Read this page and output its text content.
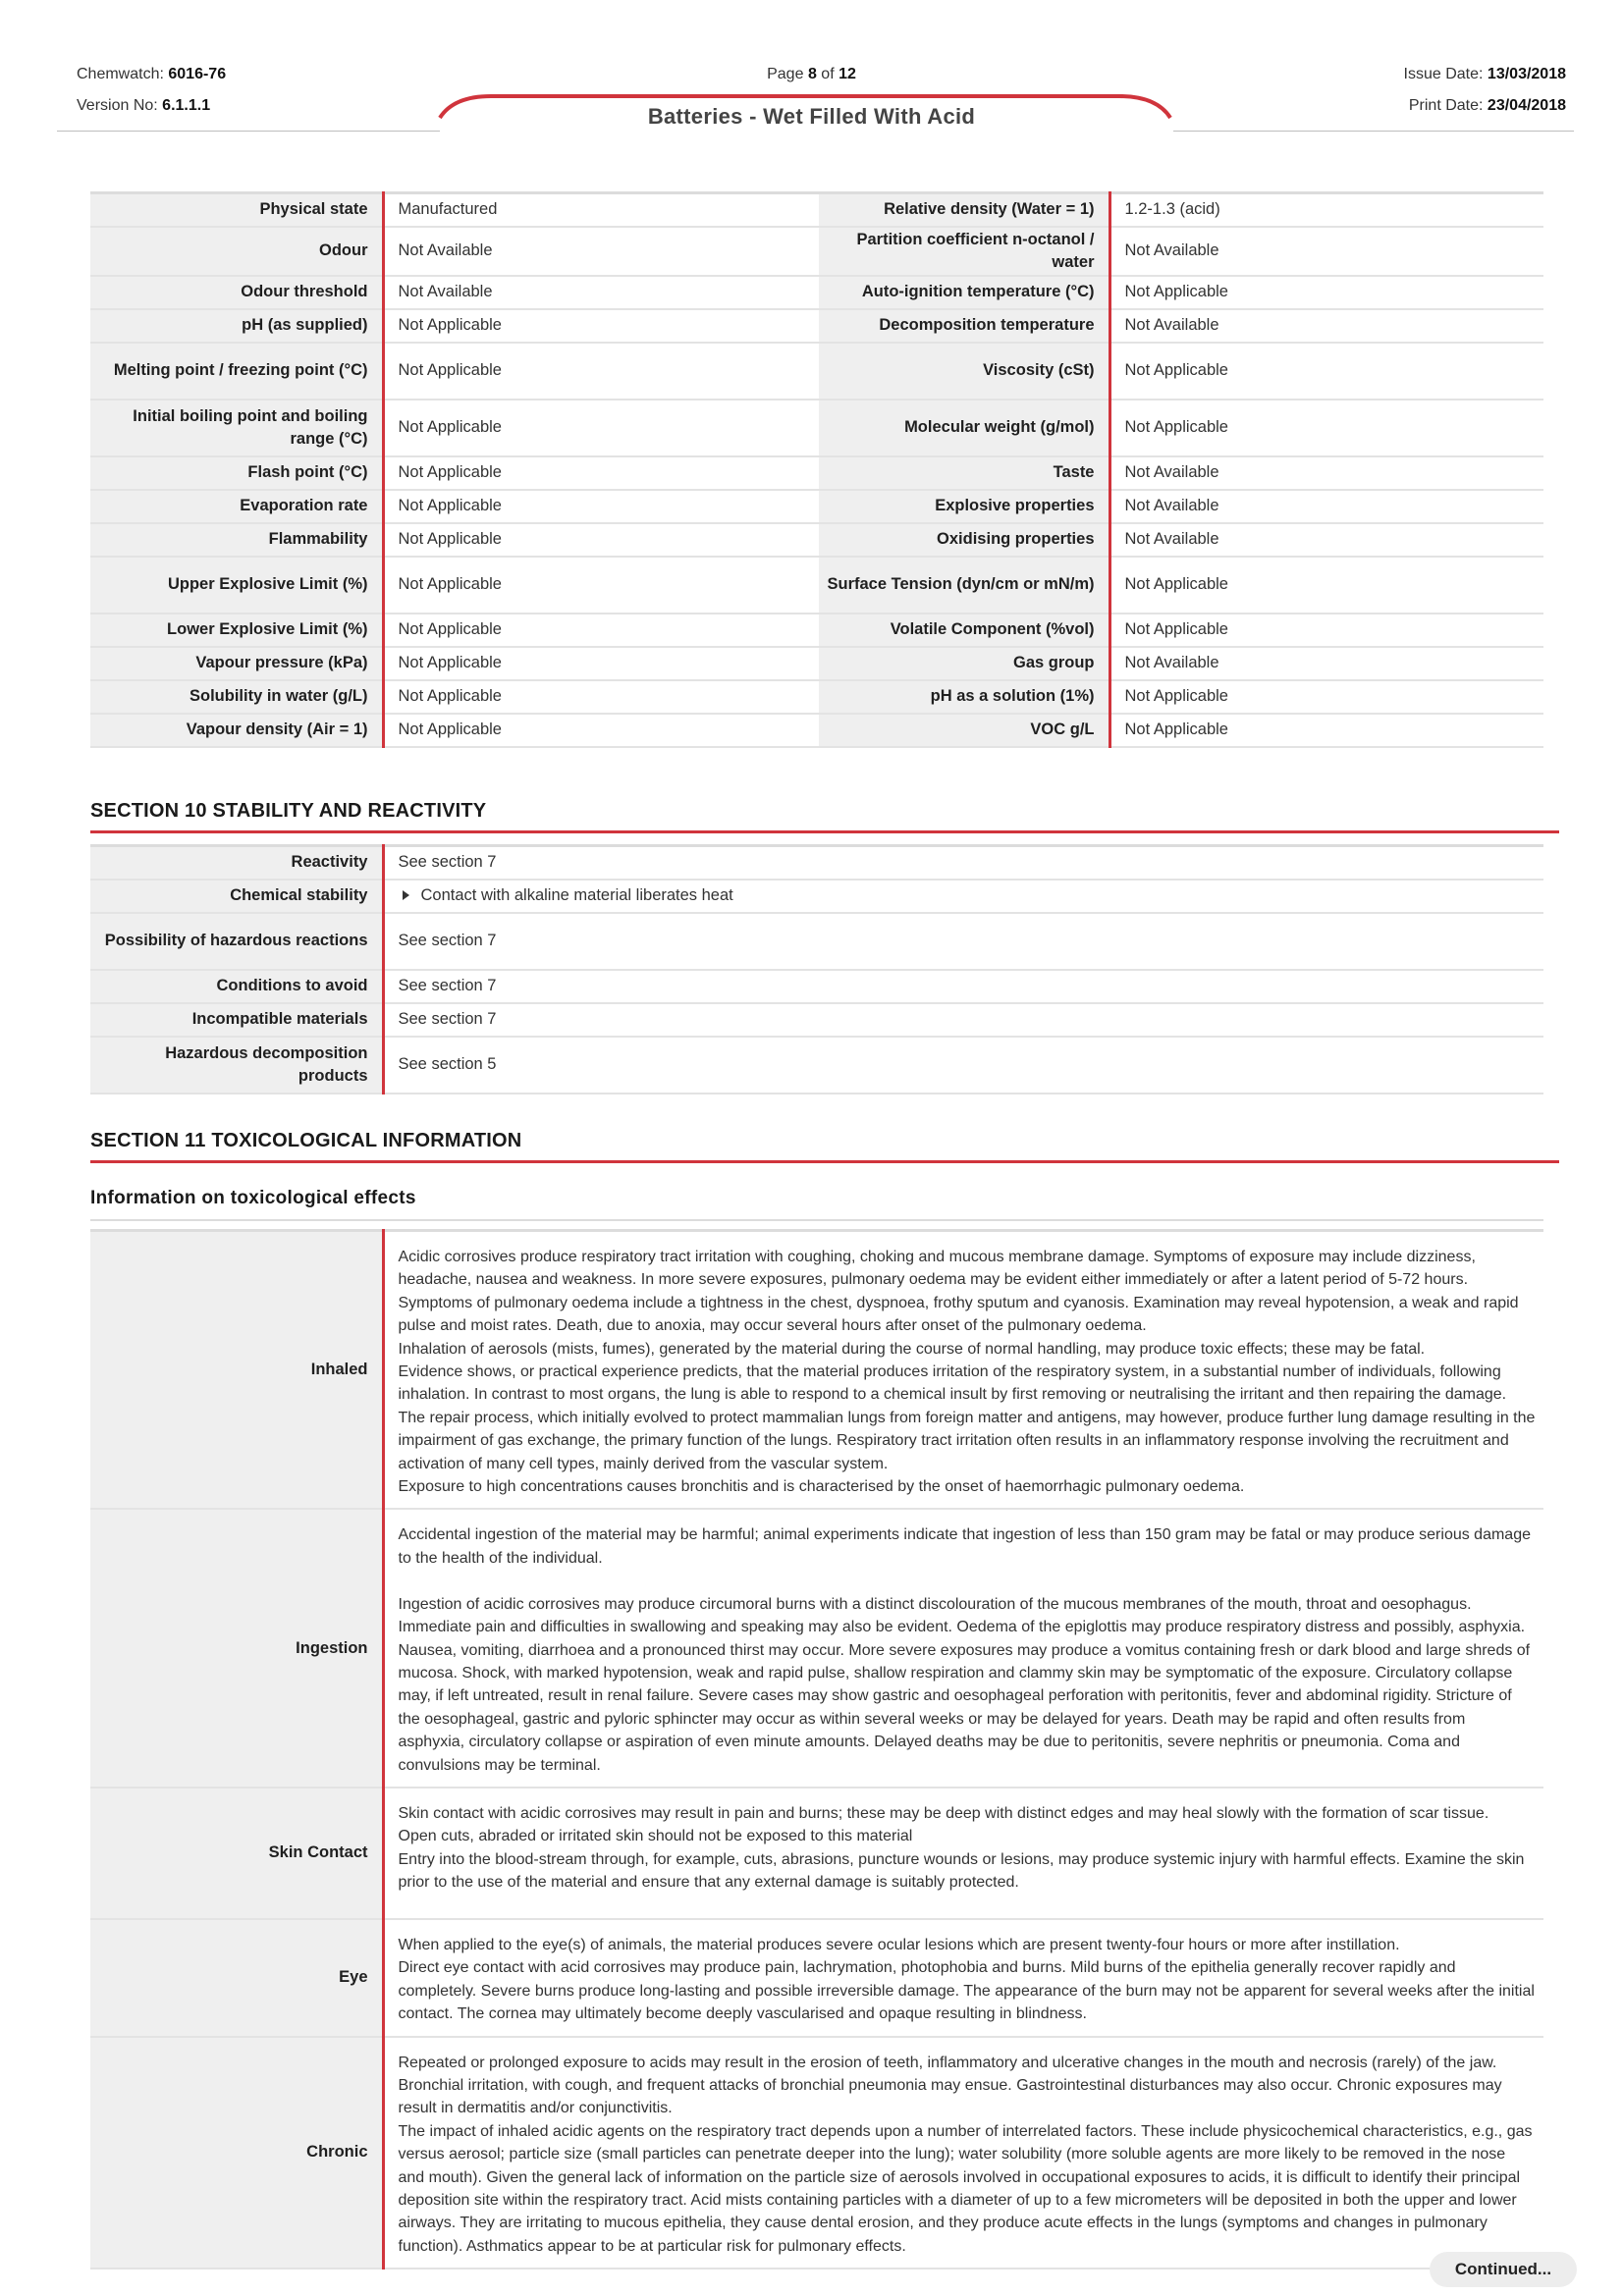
Chemwatch: 6016-76
Version No: 6.1.1.1
Page 8 of 12	Issue Date: 13/03/2018
Print Date: 23/04/2018
Batteries - Wet Filled With Acid
Physical state	Manufactured	Relative density (Water = 1)	1.2-1.3 (acid)
Odour	Not Available	Partition coefficient n-octanol / water	Not Available
Odour threshold	Not Available	Auto-ignition temperature (°C)	Not Applicable
pH (as supplied)	Not Applicable	Decomposition temperature	Not Available
Melting point / freezing point (°C)	Not Applicable	Viscosity (cSt)	Not Applicable
Initial boiling point and boiling range (°C)	Not Applicable	Molecular weight (g/mol)	Not Applicable
Flash point (°C)	Not Applicable	Taste	Not Available
Evaporation rate	Not Applicable	Explosive properties	Not Available
Flammability	Not Applicable	Oxidising properties	Not Available
Upper Explosive Limit (%)	Not Applicable	Surface Tension (dyn/cm or mN/m)	Not Applicable
Lower Explosive Limit (%)	Not Applicable	Volatile Component (%vol)	Not Applicable
Vapour pressure (kPa)	Not Applicable	Gas group	Not Available
Solubility in water (g/L)	Not Applicable	pH as a solution (1%)	Not Applicable
Vapour density (Air = 1)	Not Applicable	VOC g/L	Not Applicable
SECTION 10 STABILITY AND REACTIVITY
Reactivity	See section 7
Chemical stability	Contact with alkaline material liberates heat
Possibility of hazardous reactions	See section 7
Conditions to avoid	See section 7
Incompatible materials	See section 7
Hazardous decomposition products	See section 5
SECTION 11 TOXICOLOGICAL INFORMATION
Information on toxicological effects
Inhaled	Acidic corrosives produce respiratory tract irritation with coughing, choking and mucous membrane damage. Symptoms of exposure may include dizziness, headache, nausea and weakness. In more severe exposures, pulmonary oedema may be evident either immediately or after a latent period of 5-72 hours. Symptoms of pulmonary oedema include a tightness in the chest, dyspnoea, frothy sputum and cyanosis. Examination may reveal hypotension, a weak and rapid pulse and moist rates. Death, due to anoxia, may occur several hours after onset of the pulmonary oedema.
Inhalation of aerosols (mists, fumes), generated by the material during the course of normal handling, may produce toxic effects; these may be fatal.
Evidence shows, or practical experience predicts, that the material produces irritation of the respiratory system, in a substantial number of individuals, following inhalation. In contrast to most organs, the lung is able to respond to a chemical insult by first removing or neutralising the irritant and then repairing the damage. The repair process, which initially evolved to protect mammalian lungs from foreign matter and antigens, may however, produce further lung damage resulting in the impairment of gas exchange, the primary function of the lungs. Respiratory tract irritation often results in an inflammatory response involving the recruitment and activation of many cell types, mainly derived from the vascular system.
Exposure to high concentrations causes bronchitis and is characterised by the onset of haemorrhagic pulmonary oedema.

Ingestion	Accidental ingestion of the material may be harmful; animal experiments indicate that ingestion of less than 150 gram may be fatal or may produce serious damage to the health of the individual.

Ingestion of acidic corrosives may produce circumoral burns with a distinct discolouration of the mucous membranes of the mouth, throat and oesophagus. Immediate pain and difficulties in swallowing and speaking may also be evident. Oedema of the epiglottis may produce respiratory distress and possibly, asphyxia. Nausea, vomiting, diarrhoea and a pronounced thirst may occur. More severe exposures may produce a vomitus containing fresh or dark blood and large shreds of mucosa. Shock, with marked hypotension, weak and rapid pulse, shallow respiration and clammy skin may be symptomatic of the exposure. Circulatory collapse may, if left untreated, result in renal failure. Severe cases may show gastric and oesophageal perforation with peritonitis, fever and abdominal rigidity. Stricture of the oesophageal, gastric and pyloric sphincter may occur as within several weeks or may be delayed for years. Death may be rapid and often results from asphyxia, circulatory collapse or aspiration of even minute amounts. Delayed deaths may be due to peritonitis, severe nephritis or pneumonia. Coma and convulsions may be terminal.

Skin Contact	Skin contact with acidic corrosives may result in pain and burns; these may be deep with distinct edges and may heal slowly with the formation of scar tissue.
Open cuts, abraded or irritated skin should not be exposed to this material
Entry into the blood-stream through, for example, cuts, abrasions, puncture wounds or lesions, may produce systemic injury with harmful effects. Examine the skin prior to the use of the material and ensure that any external damage is suitably protected.

Eye	When applied to the eye(s) of animals, the material produces severe ocular lesions which are present twenty-four hours or more after instillation.
Direct eye contact with acid corrosives may produce pain, lachrymation, photophobia and burns. Mild burns of the epithelia generally recover rapidly and completely. Severe burns produce long-lasting and possible irreversible damage. The appearance of the burn may not be apparent for several weeks after the initial contact. The cornea may ultimately become deeply vascularised and opaque resulting in blindness.

Chronic	Repeated or prolonged exposure to acids may result in the erosion of teeth, inflammatory and ulcerative changes in the mouth and necrosis (rarely) of the jaw. Bronchial irritation, with cough, and frequent attacks of bronchial pneumonia may ensue. Gastrointestinal disturbances may also occur. Chronic exposures may result in dermatitis and/or conjunctivitis.
The impact of inhaled acidic agents on the respiratory tract depends upon a number of interrelated factors. These include physicochemical characteristics, e.g., gas versus aerosol; particle size (small particles can penetrate deeper into the lung); water solubility (more soluble agents are more likely to be removed in the nose and mouth). Given the general lack of information on the particle size of aerosols involved in occupational exposures to acids, it is difficult to identify their principal deposition site within the respiratory tract. Acid mists containing particles with a diameter of up to a few micrometers will be deposited in both the upper and lower airways. They are irritating to mucous epithelia, they cause dental erosion, and they produce acute effects in the lungs (symptoms and changes in pulmonary function). Asthmatics appear to be at particular risk for pulmonary effects.

Continued...
